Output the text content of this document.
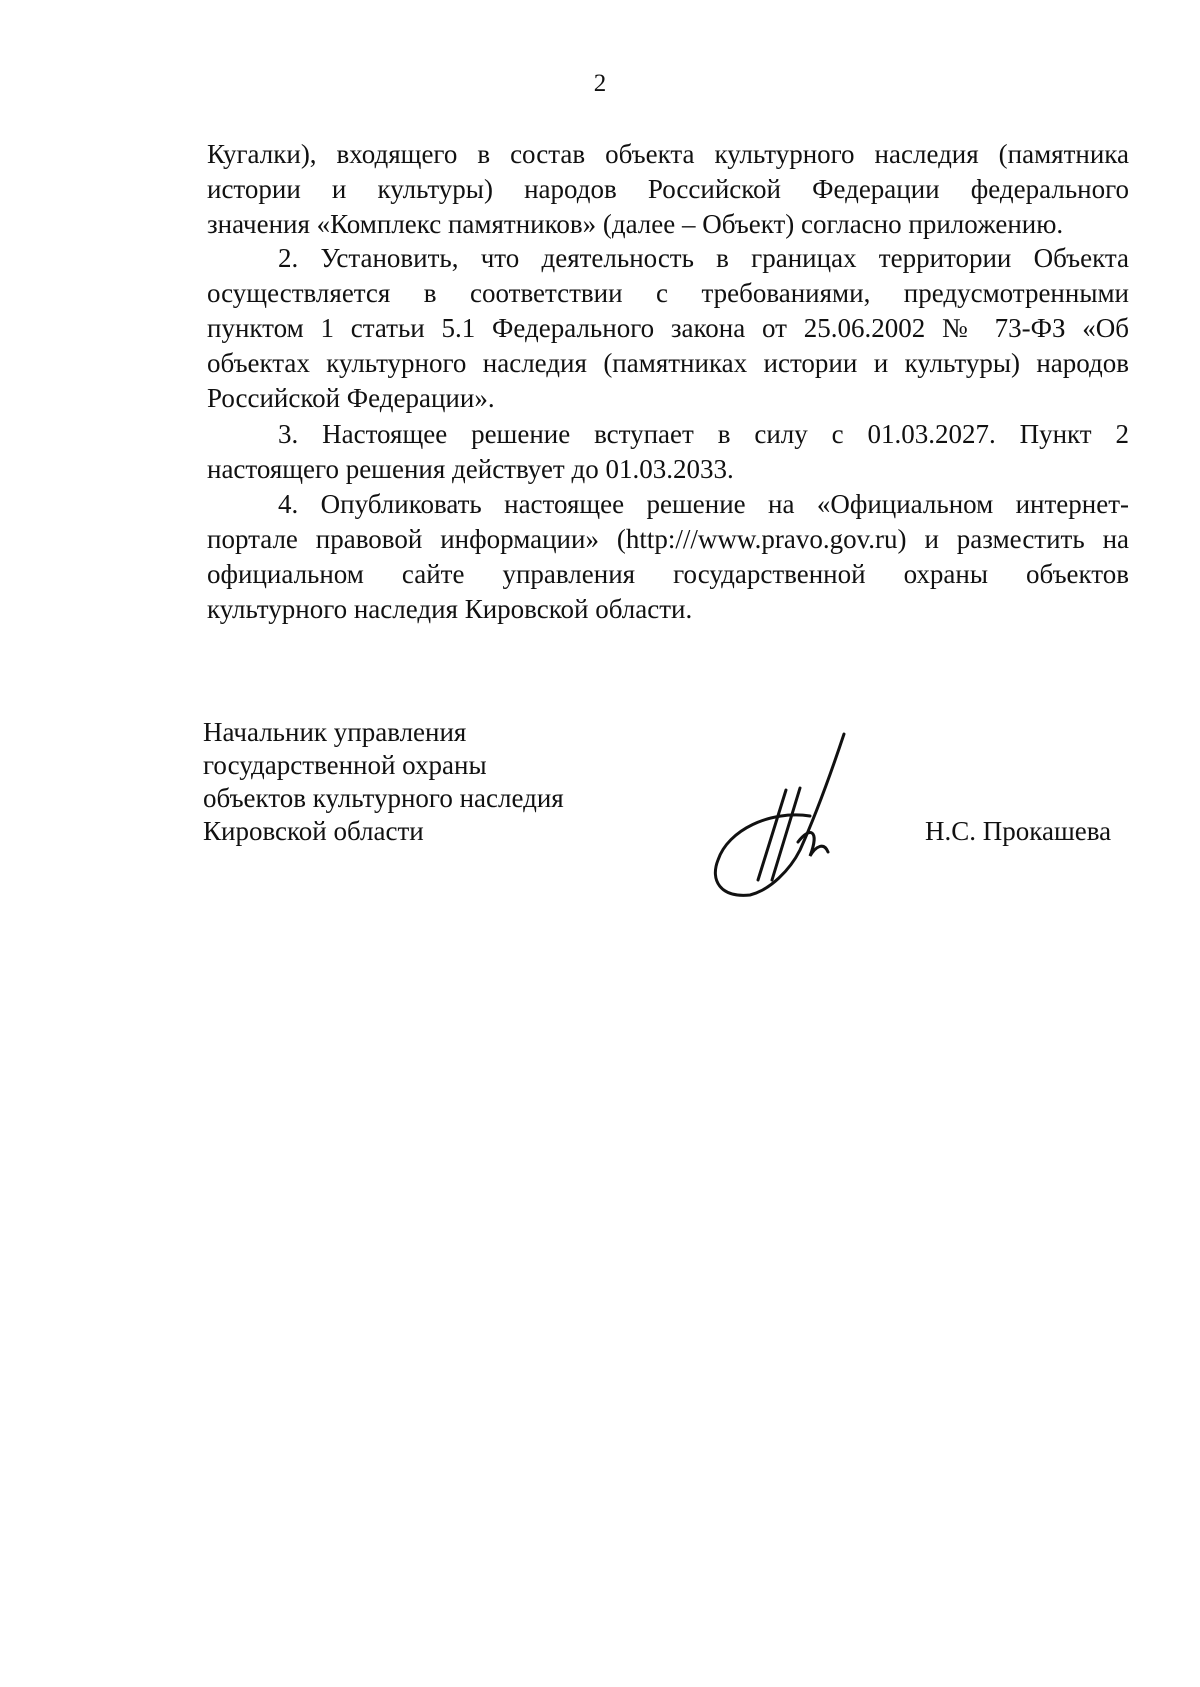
2
Кугалки), входящего в состав объекта культурного наследия (памятника
истории и культуры) народов Российской Федерации федерального
значения «Комплекс памятников» (далее – Объект) согласно приложению.
2. Установить, что деятельность в границах территории Объекта
осуществляется в соответствии с требованиями, предусмотренными
пунктом 1 статьи 5.1 Федерального закона от 25.06.2002 № 73-ФЗ «Об
объектах культурного наследия (памятниках истории и культуры) народов
Российской Федерации».
3. Настоящее решение вступает в силу с 01.03.2027. Пункт 2
настоящего решения действует до 01.03.2033.
4. Опубликовать настоящее решение на «Официальном интернет-
портале правовой информации» (http:///www.pravo.gov.ru) и разместить на
официальном сайте управления государственной охраны объектов
культурного наследия Кировской области.
Начальник управления
государственной охраны
объектов культурного наследия
Кировской области	Н.С. Прокашева
